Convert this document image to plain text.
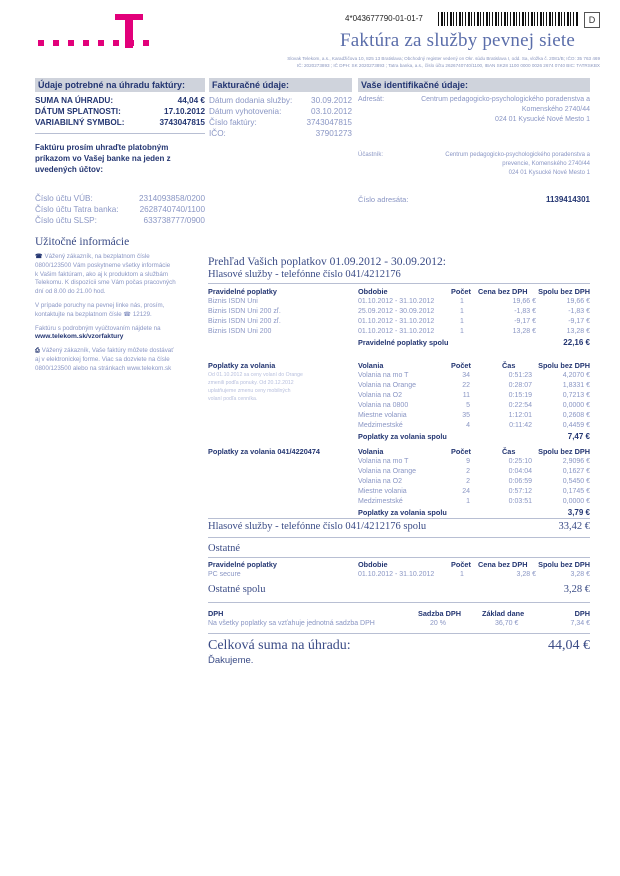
4*043677790-01-01-7	D
Faktúra za služby pevnej siete
Slovak Telekom, a.s., Karadžičova 10, 825 13 Bratislava; Obchodný register vedený on Okr. súdu Bratislava I, odd. Sa, vložka č. 2081/B; IČO: 35 763 469
IČ: 2020273893 ; IČ DPH: SK 2020273893 ; Tatra banka, a.s., číslo účtu 2626740740/1100, IBAN SK28 1100 0000 0026 2674 0740 BIC: TATRSKBX
Údaje potrebné na úhradu faktúry:
SUMA NA ÚHRADU:	44,04 €
DÁTUM SPLATNOSTI:	17.10.2012
VARIABILNÝ SYMBOL:	3743047815
Faktúru prosím uhraďte platobným príkazom vo Vašej banke na jeden z uvedených účtov:
Číslo účtu VÚB:	2314093858/0200
Číslo účtu Tatra banka:	2628740740/1100
Číslo účtu SLSP:	633738777/0900
Fakturačné údaje:
Dátum dodania služby: 30.09.2012
Dátum vyhotovenia:	03.10.2012
Číslo faktúry:	3743047815
IČO:	37901273
Vaše identifikačné údaje:
Adresát:	Centrum pedagogicko-psychologického poradenstva a
Komenského 2740/44
024 01 Kysucké Nové Mesto 1
Účastník:	Centrum pedagogicko-psychologického poradenstva a
prevencie, Komenského 2740/44
024 01 Kysucké Nové Mesto 1
Číslo adresáta:	1139414301
Užitočné informácie
☎ Vážený zákazník, na bezplatnom čísle
0800/123500 Vám poskytneme všetky informácie
k Vašim faktúram, ako aj k produktom a službám
Telekomu. K dispozícii sme Vám počas pracovných
dní od 8.00 do 21.00 hod.
V prípade poruchy na pevnej linke nás, prosím,
kontaktujte na bezplatnom čísle ☎ 12129.
Faktúru s podrobným vyúčtovaním nájdete na
www.telekom.sk/vzorfaktury
⎙ Vážený zákazník, Vaše faktúry môžete dostávať
aj v elektronickej forme. Viac sa dozviete na čísle
0800/123500 alebo na stránkach www.telekom.sk
Prehľad Vašich poplatkov 01.09.2012 - 30.09.2012:
Hlasové služby - telefónne číslo 041/4212176
Pravidelné poplatky	Obdobie	Počet Cena bez DPH Spolu bez DPH
Biznis ISDN Uni	01.10.2012 - 31.10.2012	1	19,66 €	19,66 €
Biznis ISDN Uni 200 zľ.	25.09.2012 - 30.09.2012	1	-1,83 €	-1,83 €
Biznis ISDN Uni 200 zľ.	01.10.2012 - 31.10.2012	1	-9,17 €	-9,17 €
Biznis ISDN Uni 200	01.10.2012 - 31.10.2012	1	13,28 €	13,28 €
Pravidelné poplatky spolu	22,16 €
Poplatky za volania	Volania	Počet	Čas	Spolu bez DPH
Od 01.10.2012 sa ceny volaní do Orange
zmenili podľa ponuky. Od 20.12.2012
uplatňujeme zmenu ceny mobilných
volaní podľa cenníka.
Volania na mo T	34	0:51:23	4,2070 €
Volania na Orange	22	0:28:07	1,8331 €
Volania na O2	11	0:15:19	0,7213 €
Volania na 0800	5	0:22:54	0,0000 €
Miestne volania	35	1:12:01	0,2608 €
Medzimestské	4	0:11:42	0,4459 €
Poplatky za volania spolu	7,47 €
Poplatky za volania 041/4220474	Volania	Počet	Čas	Spolu bez DPH
Volania na mo T	9	0:25:10	2,9096 €
Volania na Orange	2	0:04:04	0,1627 €
Volania na O2	2	0:06:59	0,5450 €
Miestne volania	24	0:57:12	0,1745 €
Medzimestské	1	0:03:51	0,0000 €
Poplatky za volania spolu	3,79 €
Hlasové služby - telefónne číslo 041/4212176 spolu	33,42 €
Ostatné
Pravidelné poplatky	Obdobie	Počet Cena bez DPH Spolu bez DPH
PC secure	01.10.2012 - 31.10.2012	1	3,28 €	3,28 €
Ostatné spolu	3,28 €
DPH	Sadzba DPH	Základ dane	DPH
Na všetky poplatky sa vzťahuje jednotná sadzba DPH	20 %	36,70 €	7,34 €
Celková suma na úhradu:	44,04 €
Ďakujeme.
